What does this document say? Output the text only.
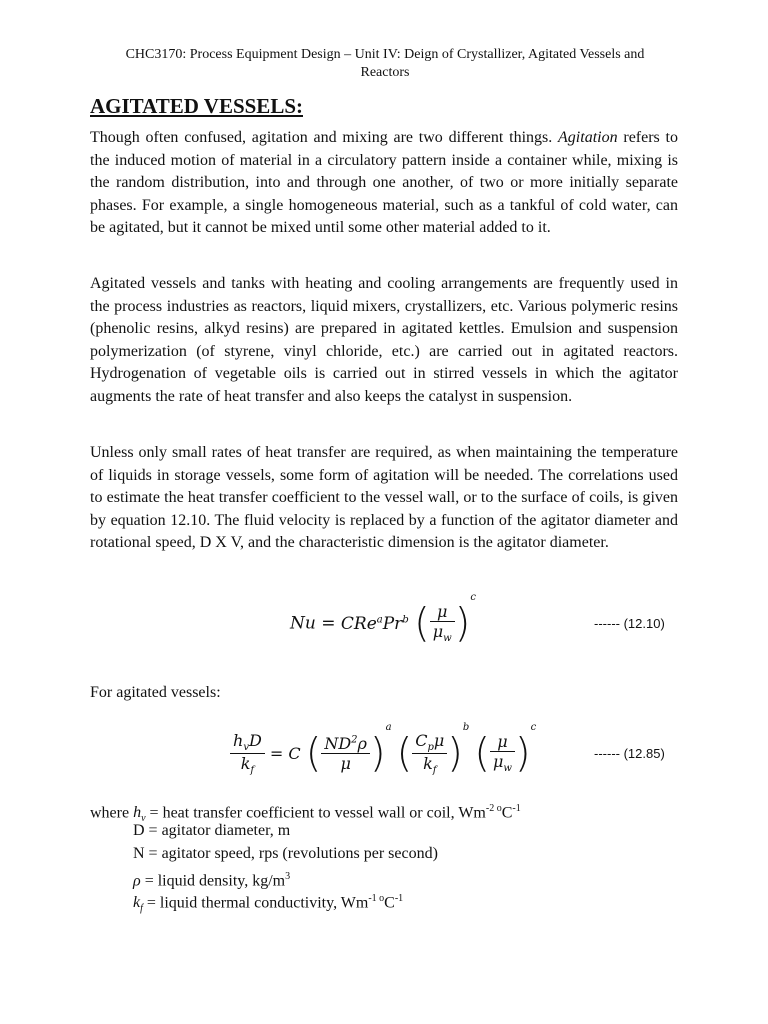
CHC3170: Process Equipment Design – Unit IV: Deign of Crystallizer, Agitated Vessels and
Reactors
AGITATED VESSELS:

Though often confused, agitation and mixing are two different things. Agitation refers to the induced motion of material in a circulatory pattern inside a container while, mixing is the random distribution, into and through one another, of two or more initially separate phases. For example, a single homogeneous material, such as a tankful of cold water, can be agitated, but it cannot be mixed until some other material added to it.

Agitated vessels and tanks with heating and cooling arrangements are frequently used in the process industries as reactors, liquid mixers, crystallizers, etc. Various polymeric resins (phenolic resins, alkyd resins) are prepared in agitated kettles. Emulsion and suspension polymerization (of styrene, vinyl chloride, etc.) are carried out in agitated reactors. Hydrogenation of vegetable oils is carried out in stirred vessels in which the agitator augments the rate of heat transfer and also keeps the catalyst in suspension.

Unless only small rates of heat transfer are required, as when maintaining the temperature of liquids in storage vessels, some form of agitation will be needed. The correlations used to estimate the heat transfer coefficient to the vessel wall, or to the surface of coils, is given by equation 12.10. The fluid velocity is replaced by a function of the agitator diameter and rotational speed, D X V, and the characteristic dimension is the agitator diameter.

$Nu = CRe^aPr^b$ ( $\frac{\mu}{\mu_w} )^c$
------ (12.10)
For agitated vessels:
$\frac{h_vD}{k_f} = C$ ( $\frac{ND^2\rho}{\mu} )^a$ ( $\frac{C_p\mu}{k_f} )^b$ ( $\frac{\mu}{\mu_w} )^c$
------ (12.85)
where $h_v$ = heat transfer coefficient to vessel wall or coil, $Wm^{-2 o}C^{-1}$
D = agitator diameter, m
N = agitator speed, rps (revolutions per second)
ρ = liquid density, $kg/m^3$
$k_f$ = liquid thermal conductivity, $Wm^{-1 o}C^{-1}$
